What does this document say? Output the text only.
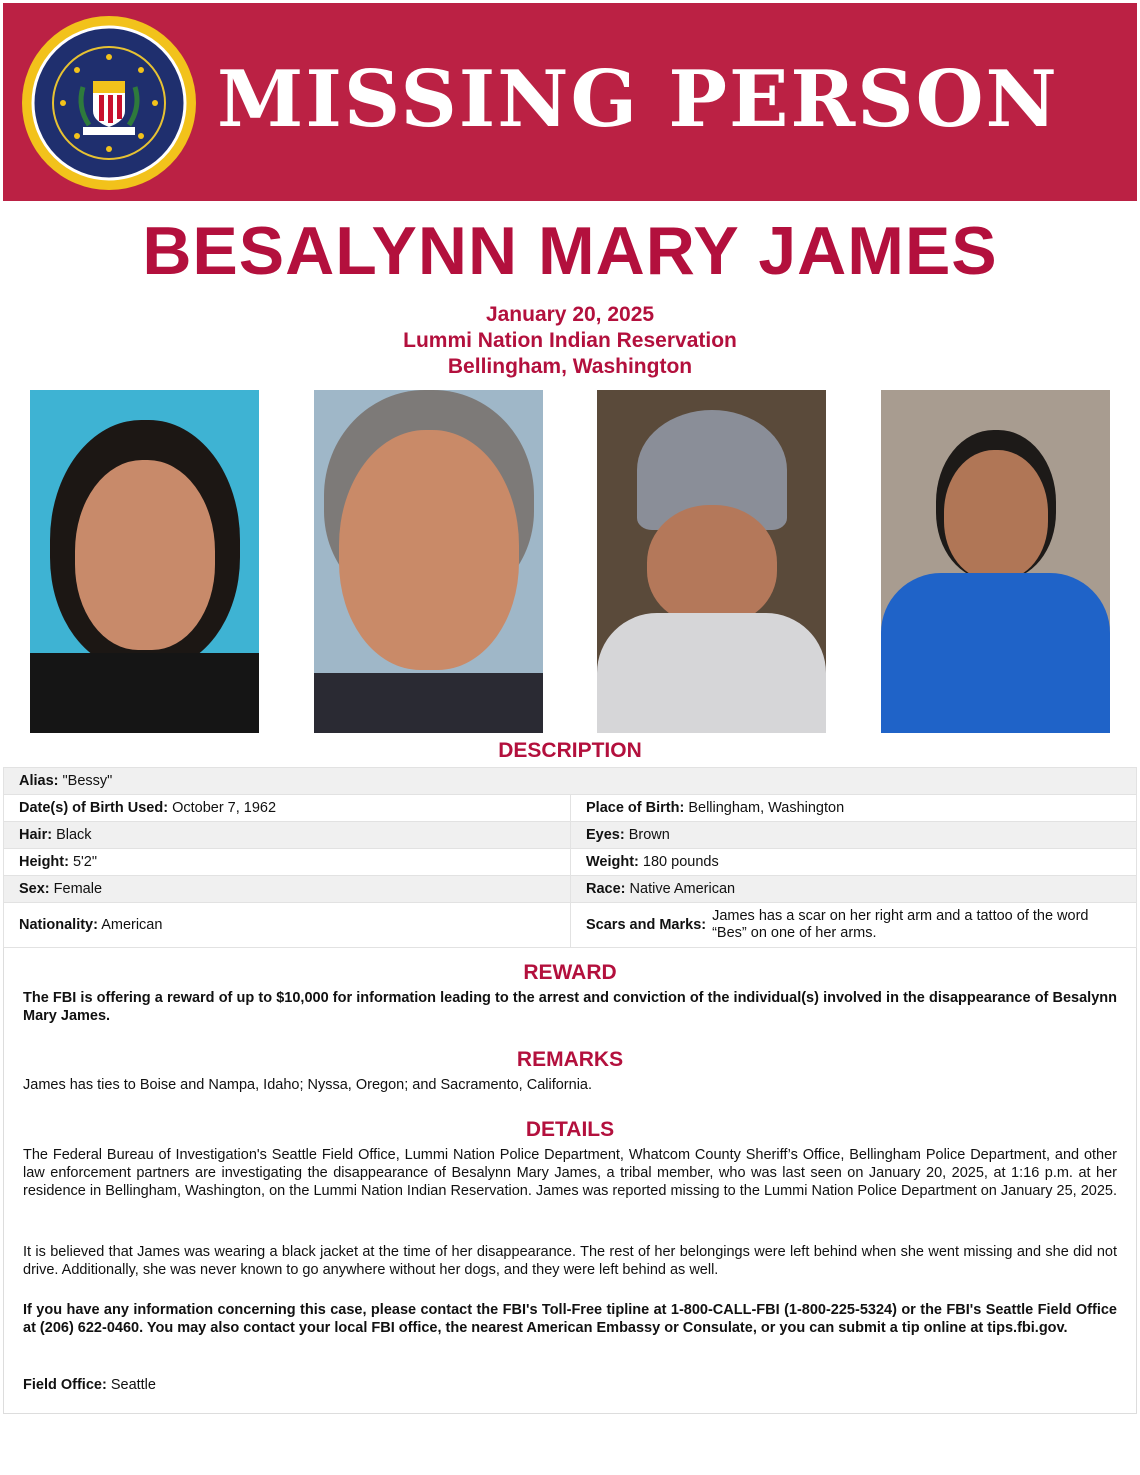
MISSING PERSON
BESALYNN MARY JAMES
January 20, 2025
Lummi Nation Indian Reservation
Bellingham, Washington
DESCRIPTION
Alias: "Bessy"	
Date(s) of Birth Used: October 7, 1962	Place of Birth: Bellingham, Washington
Hair: Black	Eyes: Brown
Height: 5'2"	Weight: 180 pounds
Sex: Female	Race: Native American
Nationality: American	Scars and Marks:
James has a scar on her right arm and a tattoo of the word “Bes” on one of her arms.
REWARD
The FBI is offering a reward of up to $10,000 for information leading to the arrest and conviction of the individual(s) involved in the disappearance of Besalynn Mary James.
REMARKS
James has ties to Boise and Nampa, Idaho; Nyssa, Oregon; and Sacramento, California.
DETAILS
The Federal Bureau of Investigation's Seattle Field Office, Lummi Nation Police Department, Whatcom County Sheriff’s Office, Bellingham Police Department, and other law enforcement partners are investigating the disappearance of Besalynn Mary James, a tribal member, who was last seen on January 20, 2025, at 1:16 p.m. at her residence in Bellingham, Washington, on the Lummi Nation Indian Reservation. James was reported missing to the Lummi Nation Police Department on January 25, 2025.
It is believed that James was wearing a black jacket at the time of her disappearance. The rest of her belongings were left behind when she went missing and she did not drive. Additionally, she was never known to go anywhere without her dogs, and they were left behind as well.
If you have any information concerning this case, please contact the FBI's Toll-Free tipline at 1-800-CALL-FBI (1-800-225-5324) or the FBI's Seattle Field Office at (206) 622-0460. You may also contact your local FBI office, the nearest American Embassy or Consulate, or you can submit a tip online at tips.fbi.gov.
Field Office: Seattle
